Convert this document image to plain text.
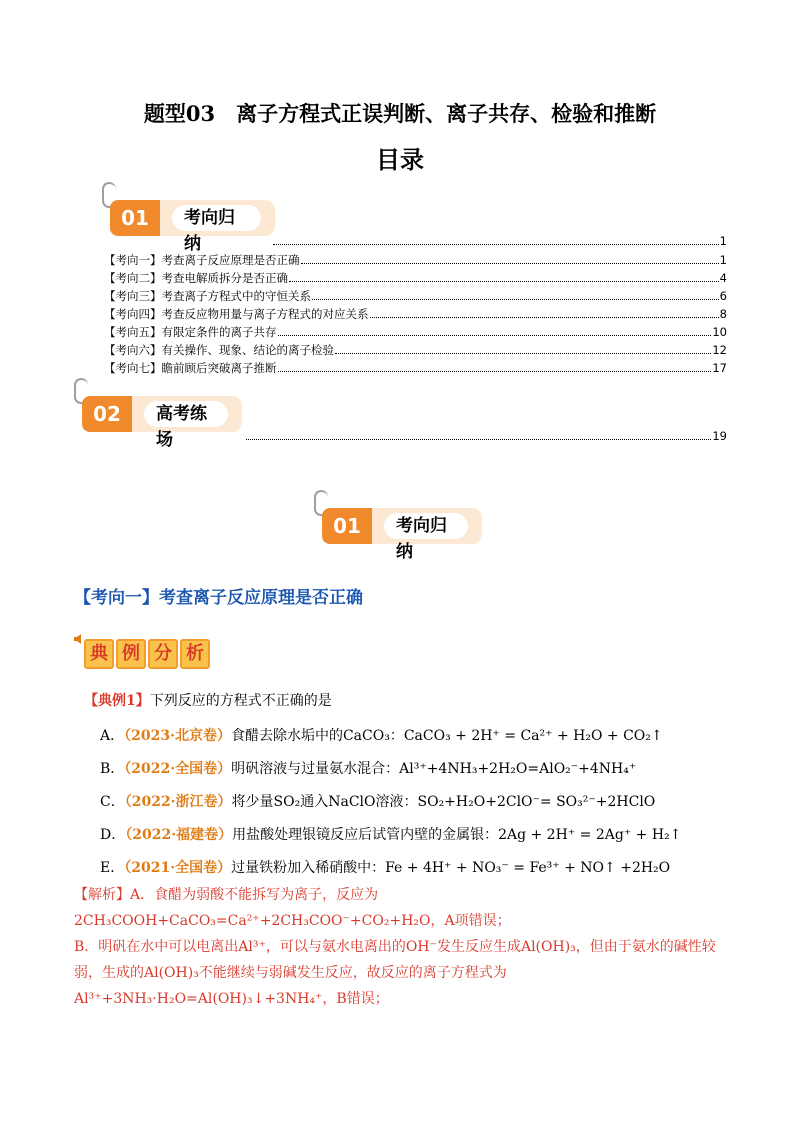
题型03　离子方程式正误判断、离子共存、检验和推断
目录
01	考向归纳	1
【考向一】考查离子反应原理是否正确	1
【考向二】考查电解质拆分是否正确	4
【考向三】考查离子方程式中的守恒关系	6
【考向四】考查反应物用量与离子方程式的对应关系	8
【考向五】有限定条件的离子共存	10
【考向六】有关操作、现象、结论的离子检验	12
【考向七】瞻前顾后突破离子推断	17
02	高考练场	19
01	考向归纳
【考向一】考查离子反应原理是否正确
典 例 分 析
【典例1】下列反应的方程式不正确的是
A．（2023·北京卷）食醋去除水垢中的CaCO₃：CaCO₃ + 2H⁺ = Ca²⁺ + H₂O + CO₂↑
B．（2022·全国卷）明矾溶液与过量氨水混合：Al³⁺+4NH₃+2H₂O=AlO₂⁻+4NH₄⁺
C．（2022·浙江卷）将少量SO₂通入NaClO溶液：SO₂+H₂O+2ClO⁻= SO₃²⁻+2HClO
D．（2022·福建卷）用盐酸处理银镜反应后试管内壁的金属银：2Ag + 2H⁺ = 2Ag⁺ + H₂↑
E．（2021·全国卷）过量铁粉加入稀硝酸中：Fe + 4H⁺ + NO₃⁻ = Fe³⁺ + NO↑ +2H₂O
【解析】A．食醋为弱酸不能拆写为离子，反应为2CH₃COOH+CaCO₃=Ca²⁺+2CH₃COO⁻+CO₂+H₂O，A项错误；
B．明矾在水中可以电离出Al³⁺，可以与氨水电离出的OH⁻发生反应生成Al(OH)₃，但由于氨水的碱性较弱，生成的Al(OH)₃不能继续与弱碱发生反应，故反应的离子方程式为Al³⁺+3NH₃·H₂O=Al(OH)₃↓+3NH₄⁺，B错误；
